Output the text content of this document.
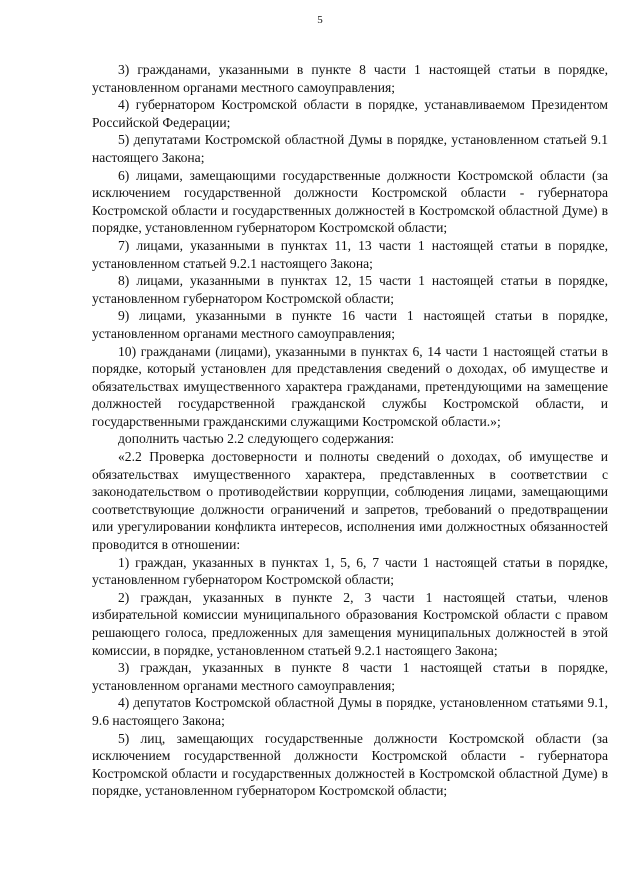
5

3) гражданами, указанными в пункте 8 части 1 настоящей статьи в порядке, установленном органами местного самоуправления;

4) губернатором Костромской области в порядке, устанавливаемом Президентом Российской Федерации;

5) депутатами Костромской областной Думы в порядке, установленном статьей 9.1 настоящего Закона;

6) лицами, замещающими государственные должности Костромской области (за исключением государственной должности Костромской области - губернатора Костромской области и государственных должностей в Костромской областной Думе) в порядке, установленном губернатором Костромской области;

7) лицами, указанными в пунктах 11, 13 части 1 настоящей статьи в порядке, установленном статьей 9.2.1 настоящего Закона;

8) лицами, указанными в пунктах 12, 15 части 1 настоящей статьи в порядке, установленном губернатором Костромской области;

9) лицами, указанными в пункте 16 части 1 настоящей статьи в порядке, установленном органами местного самоуправления;

10) гражданами (лицами), указанными в пунктах 6, 14 части 1 настоящей статьи в порядке, который установлен для представления сведений о доходах, об имуществе и обязательствах имущественного характера гражданами, претендующими на замещение должностей государственной гражданской службы Костромской области, и государственными гражданскими служащими Костромской области.»;

дополнить частью 2.2 следующего содержания:

«2.2 Проверка достоверности и полноты сведений о доходах, об имуществе и обязательствах имущественного характера, представленных в соответствии с законодательством о противодействии коррупции, соблюдения лицами, замещающими соответствующие должности ограничений и запретов, требований о предотвращении или урегулировании конфликта интересов, исполнения ими должностных обязанностей проводится в отношении:

1) граждан, указанных в пунктах 1, 5, 6, 7 части 1 настоящей статьи в порядке, установленном губернатором Костромской области;

2) граждан, указанных в пункте 2, 3 части 1 настоящей статьи, членов избирательной комиссии муниципального образования Костромской области с правом решающего голоса, предложенных для замещения муниципальных должностей в этой комиссии, в порядке, установленном статьей 9.2.1 настоящего Закона;

3) граждан, указанных в пункте 8 части 1 настоящей статьи в порядке, установленном органами местного самоуправления;

4) депутатов Костромской областной Думы в порядке, установленном статьями 9.1, 9.6 настоящего Закона;

5) лиц, замещающих государственные должности Костромской области (за исключением государственной должности Костромской области - губернатора Костромской области и государственных должностей в Костромской областной Думе) в порядке, установленном губернатором Костромской области;
